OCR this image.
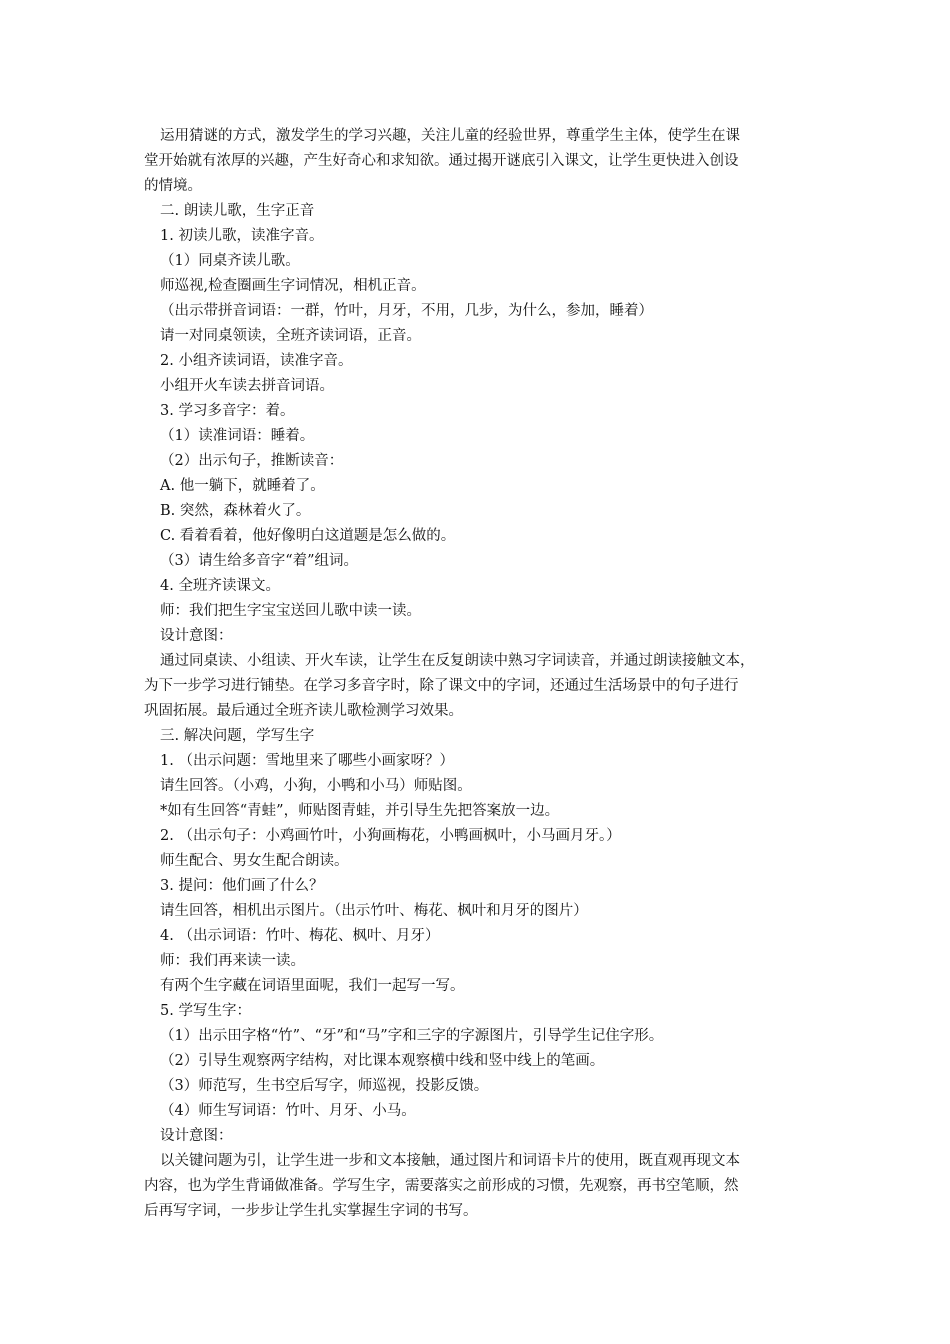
运用猜谜的方式，激发学生的学习兴趣，关注儿童的经验世界，尊重学生主体，使学生在课
堂开始就有浓厚的兴趣，产生好奇心和求知欲。通过揭开谜底引入课文，让学生更快进入创设
的情境。
二. 朗读儿歌，生字正音
1. 初读儿歌，读准字音。
（1）同桌齐读儿歌。
师巡视,检查圈画生字词情况，相机正音。
（出示带拼音词语：一群，竹叶，月牙，不用，几步，为什么，参加，睡着）
请一对同桌领读，全班齐读词语，正音。
2. 小组齐读词语，读准字音。
小组开火车读去拼音词语。
3. 学习多音字：着。
（1）读准词语：睡着。
（2）出示句子，推断读音：
A. 他一躺下，就睡着了。
B. 突然，森林着火了。
C. 看着看着，他好像明白这道题是怎么做的。
（3）请生给多音字“着”组词。
4. 全班齐读课文。
师：我们把生字宝宝送回儿歌中读一读。
设计意图：
通过同桌读、小组读、开火车读，让学生在反复朗读中熟习字词读音，并通过朗读接触文本，
为下一步学习进行铺垫。在学习多音字时，除了课文中的字词，还通过生活场景中的句子进行
巩固拓展。最后通过全班齐读儿歌检测学习效果。
三. 解决问题，学写生字
1. （出示问题：雪地里来了哪些小画家呀？）
请生回答。（小鸡，小狗，小鸭和小马）师贴图。
*如有生回答“青蛙”，师贴图青蛙，并引导生先把答案放一边。
2. （出示句子：小鸡画竹叶，小狗画梅花，小鸭画枫叶，小马画月牙。）
师生配合、男女生配合朗读。
3. 提问：他们画了什么？
请生回答，相机出示图片。（出示竹叶、梅花、枫叶和月牙的图片）
4. （出示词语：竹叶、梅花、枫叶、月牙）
师：我们再来读一读。
有两个生字藏在词语里面呢，我们一起写一写。
5. 学写生字：
（1）出示田字格“竹”、“牙”和“马”字和三字的字源图片，引导学生记住字形。
（2）引导生观察两字结构，对比课本观察横中线和竖中线上的笔画。
（3）师范写，生书空后写字，师巡视，投影反馈。
（4）师生写词语：竹叶、月牙、小马。
设计意图：
以关键问题为引，让学生进一步和文本接触，通过图片和词语卡片的使用，既直观再现文本
内容，也为学生背诵做准备。学写生字，需要落实之前形成的习惯，先观察，再书空笔顺，然
后再写字词，一步步让学生扎实掌握生字词的书写。
